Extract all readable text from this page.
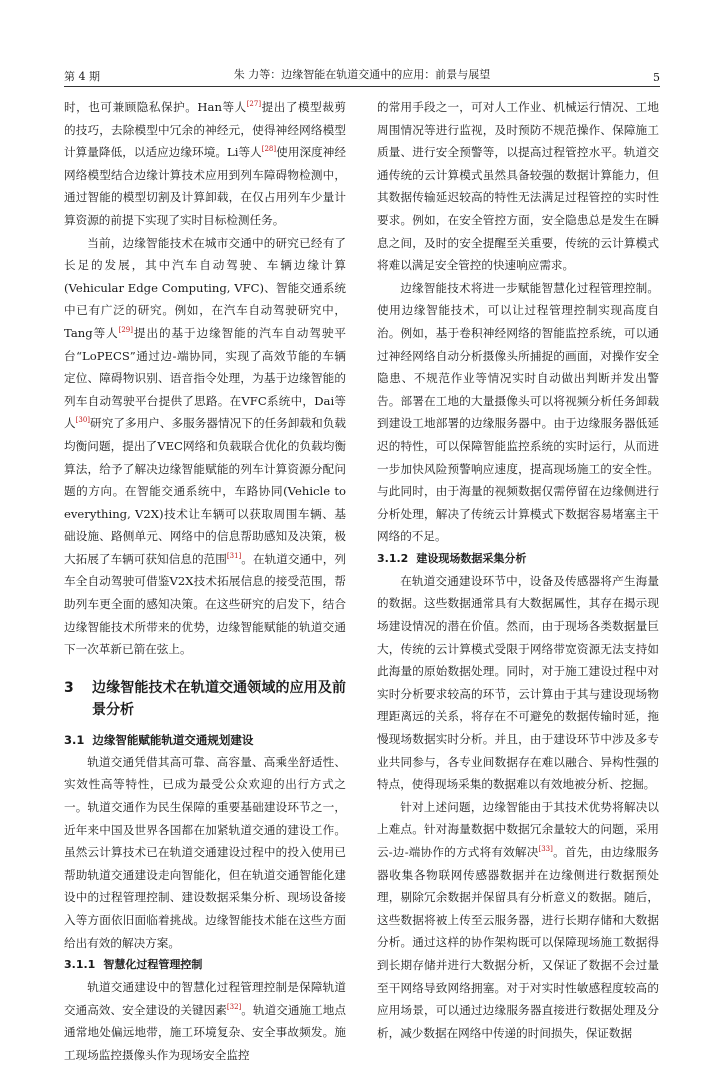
第 4 期	朱 力等：边缘智能在轨道交通中的应用：前景与展望	5

时，也可兼顾隐私保护。Han等人[27]提出了模型裁剪的技巧，去除模型中冗余的神经元，使得神经网络模型计算量降低，以适应边缘环境。Li等人[28]使用深度神经网络模型结合边缘计算技术应用到列车障碍物检测中，通过智能的模型切割及计算卸载，在仅占用列车少量计算资源的前提下实现了实时目标检测任务。

当前，边缘智能技术在城市交通中的研究已经有了长足的发展，其中汽车自动驾驶、车辆边缘计算(Vehicular Edge Computing, VFC)、智能交通系统中已有广泛的研究。例如，在汽车自动驾驶研究中，Tang等人[29]提出的基于边缘智能的汽车自动驾驶平台“LoPECS”通过边-端协同，实现了高效节能的车辆定位、障碍物识别、语音指令处理，为基于边缘智能的列车自动驾驶平台提供了思路。在VFC系统中，Dai等人[30]研究了多用户、多服务器情况下的任务卸载和负载均衡问题，提出了VEC网络和负载联合优化的负载均衡算法，给予了解决边缘智能赋能的列车计算资源分配问题的方向。在智能交通系统中，车路协同(Vehicle to everything, V2X)技术让车辆可以获取周围车辆、基础设施、路侧单元、网络中的信息帮助感知及决策，极大拓展了车辆可获知信息的范围[31]。在轨道交通中，列车全自动驾驶可借鉴V2X技术拓展信息的接受范围，帮助列车更全面的感知决策。在这些研究的启发下，结合边缘智能技术所带来的优势，边缘智能赋能的轨道交通下一次革新已箭在弦上。

3	边缘智能技术在轨道交通领域的应用及前景分析
3.1 边缘智能赋能轨道交通规划建设

轨道交通凭借其高可靠、高容量、高乘坐舒适性、实效性高等特性，已成为最受公众欢迎的出行方式之一。轨道交通作为民生保障的重要基础建设环节之一，近年来中国及世界各国都在加紧轨道交通的建设工作。虽然云计算技术已在轨道交通建设过程中的投入使用已帮助轨道交通建设走向智能化，但在轨道交通智能化建设中的过程管理控制、建设数据采集分析、现场设备接入等方面依旧面临着挑战。边缘智能技术能在这些方面给出有效的解决方案。

3.1.1 智慧化过程管理控制

轨道交通建设中的智慧化过程管理控制是保障轨道交通高效、安全建设的关键因素[32]。轨道交通施工地点通常地处偏远地带，施工环境复杂、安全事故频发。施工现场监控摄像头作为现场安全监控

的常用手段之一，可对人工作业、机械运行情况、工地周围情况等进行监视，及时预防不规范操作、保障施工质量、进行安全预警等，以提高过程管控水平。轨道交通传统的云计算模式虽然具备较强的数据计算能力，但其数据传输延迟较高的特性无法满足过程管控的实时性要求。例如，在安全管控方面，安全隐患总是发生在瞬息之间，及时的安全提醒至关重要，传统的云计算模式将难以满足安全管控的快速响应需求。

边缘智能技术将进一步赋能智慧化过程管理控制。使用边缘智能技术，可以让过程管理控制实现高度自治。例如，基于卷积神经网络的智能监控系统，可以通过神经网络自动分析摄像头所捕捉的画面，对操作安全隐患、不规范作业等情况实时自动做出判断并发出警告。部署在工地的大量摄像头可以将视频分析任务卸载到建设工地部署的边缘服务器中。由于边缘服务器低延迟的特性，可以保障智能监控系统的实时运行，从而进一步加快风险预警响应速度，提高现场施工的安全性。与此同时，由于海量的视频数据仅需停留在边缘侧进行分析处理，解决了传统云计算模式下数据容易堵塞主干网络的不足。

3.1.2 建设现场数据采集分析

在轨道交通建设环节中，设备及传感器将产生海量的数据。这些数据通常具有大数据属性，其存在揭示现场建设情况的潜在价值。然而，由于现场各类数据量巨大，传统的云计算模式受限于网络带宽资源无法支持如此海量的原始数据处理。同时，对于施工建设过程中对实时分析要求较高的环节，云计算由于其与建设现场物理距离远的关系，将存在不可避免的数据传输时延，拖慢现场数据实时分析。并且，由于建设环节中涉及多专业共同参与，各专业间数据存在难以融合、异构性强的特点，使得现场采集的数据难以有效地被分析、挖掘。

针对上述问题，边缘智能由于其技术优势将解决以上难点。针对海量数据中数据冗余量较大的问题，采用云-边-端协作的方式将有效解决[33]。首先，由边缘服务器收集各物联网传感器数据并在边缘侧进行数据预处理，剔除冗余数据并保留具有分析意义的数据。随后，这些数据将被上传至云服务器，进行长期存储和大数据分析。通过这样的协作架构既可以保障现场施工数据得到长期存储并进行大数据分析，又保证了数据不会过量至干网络导致网络拥塞。对于对实时性敏感程度较高的应用场景，可以通过边缘服务器直接进行数据处理及分析，减少数据在网络中传递的时间损失，保证数据
